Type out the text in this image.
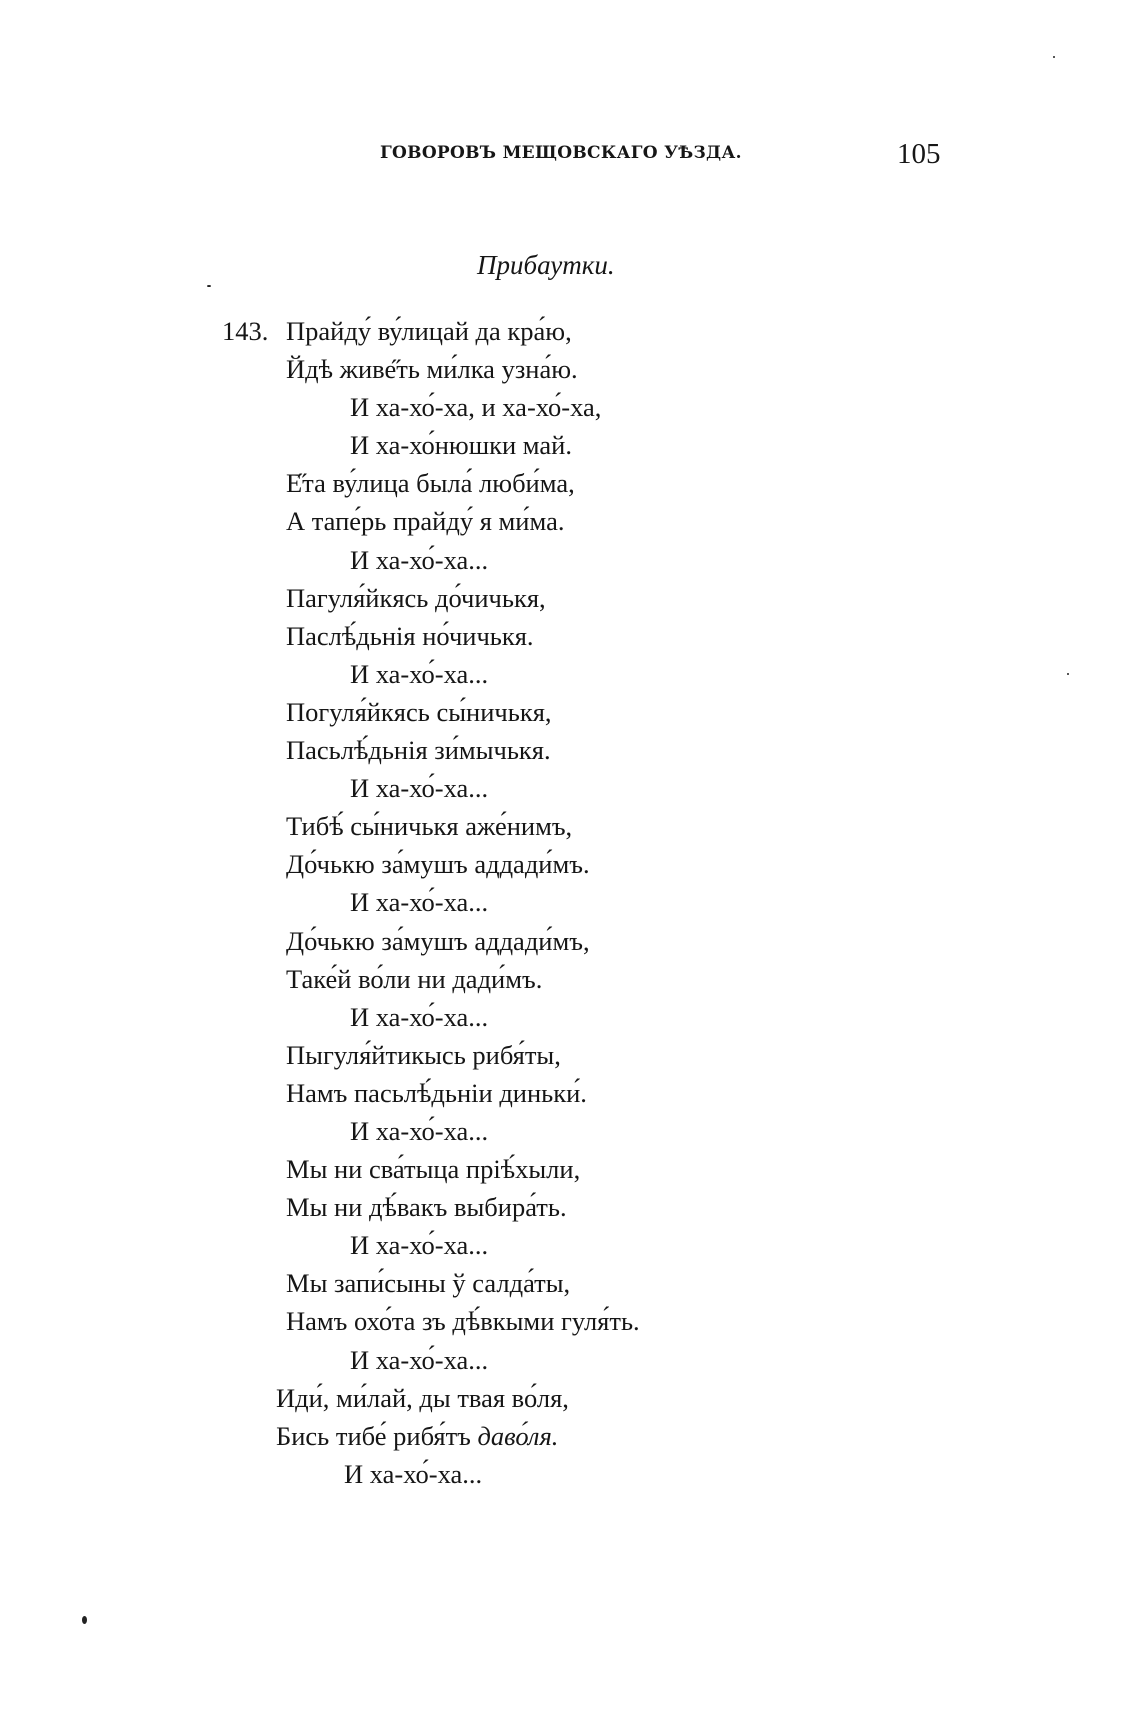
ГОВОРОВЪ МЕЩОВСКАГО УѢЗДА.	105
Прибаутки.
143. Прайду́ ву́лицай да кра́ю,
Йдѣ живе̋ть ми́лка узна́ю.
И ха-хо́-ха, и ха-хо́-ха,
И ха-хо́нюшки май.
Е̋та ву́лица была́ люби́ма,
А тапе́рь прайду́ я ми́ма.
И ха-хо́-ха...
Пагуля́йкясь до́чичькя,
Паслѣ́дьнія но́чичькя.
И ха-хо́-ха...
Погуля́йкясь сы́ничькя,
Пасьлѣ́дьнія зи́мычькя.
И ха-хо́-ха...
Тибѣ́ сы́ничькя аже́нимъ,
До́чькю за́мушъ аддади́мъ.
И ха-хо́-ха...
До́чькю за́мушъ аддади́мъ,
Таке́й во́ли ни дади́мъ.
И ха-хо́-ха...
Пыгуля́йтикысь рибя́ты,
Намъ пасьлѣ́дьніи диньки́.
И ха-хо́-ха...
Мы ни сва́тыца пріѣ́хыли,
Мы ни дѣ́вакъ выбира́ть.
И ха-хо́-ха...
Мы запи́сыны ў салда́ты,
Намъ охо́та зъ дѣ́вкыми гуля́ть.
И ха-хо́-ха...
Иди́, ми́лай, ды твая во́ля,
Бись тибе́ рибя́тъ даво́ля.
И ха-хо́-ха...
